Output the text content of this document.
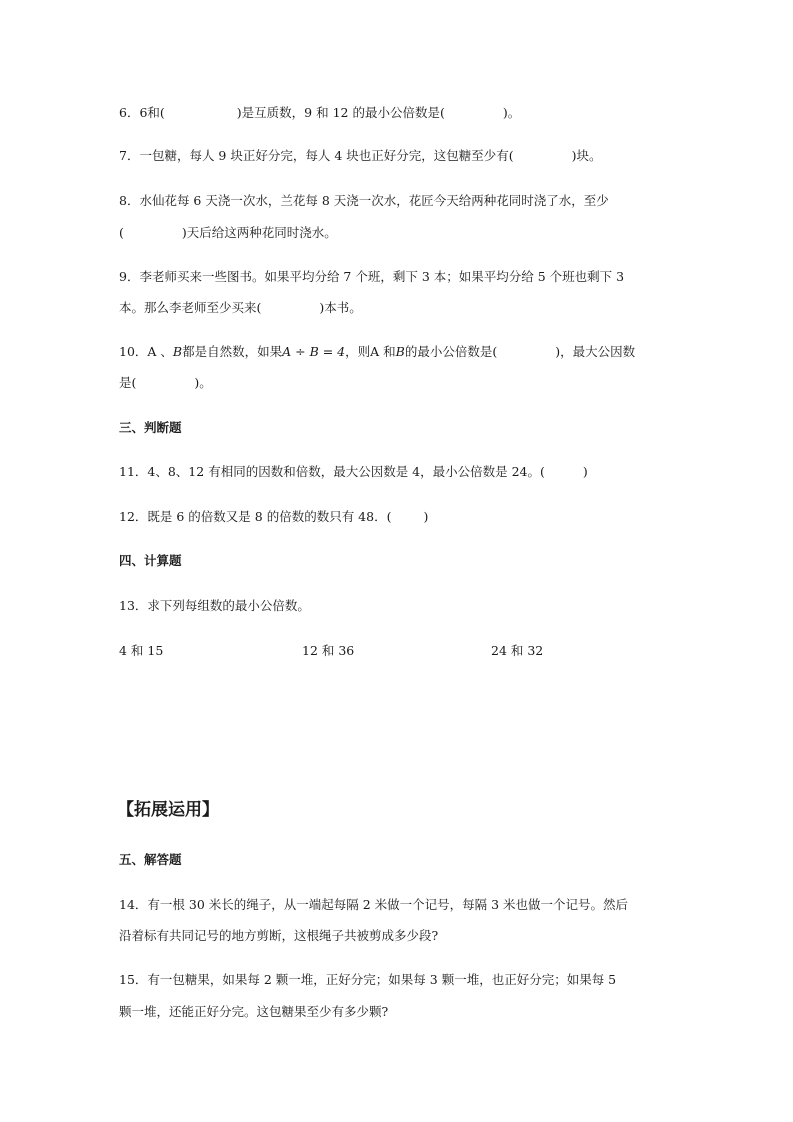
6．6和(	)是互质数，9 和 12 的最小公倍数是(	)。
7．一包糖，每人 9 块正好分完，每人 4 块也正好分完，这包糖至少有(	)块。
8．水仙花每 6 天浇一次水，兰花每 8 天浇一次水，花匠今天给两种花同时浇了水，至少
(	)天后给这两种花同时浇水。
9．李老师买来一些图书。如果平均分给 7 个班，剩下 3 本；如果平均分给 5 个班也剩下 3
本。那么李老师至少买来(	)本书。
10．A 、B都是自然数，如果A ÷ B = 4，则A 和B的最小公倍数是(	)，最大公因数
是(	)。
三、判断题
11．4、8、12 有相同的因数和倍数，最大公因数是 4，最小公倍数是 24。(	)
12．既是 6 的倍数又是 8 的倍数的数只有 48．(	)
四、计算题
13．求下列每组数的最小公倍数。
4 和 15	12 和 36	24 和 32
【拓展运用】
五、解答题
14．有一根 30 米长的绳子，从一端起每隔 2 米做一个记号，每隔 3 米也做一个记号。然后
沿着标有共同记号的地方剪断，这根绳子共被剪成多少段?
15．有一包糖果，如果每 2 颗一堆，正好分完；如果每 3 颗一堆，也正好分完；如果每 5
颗一堆，还能正好分完。这包糖果至少有多少颗?
